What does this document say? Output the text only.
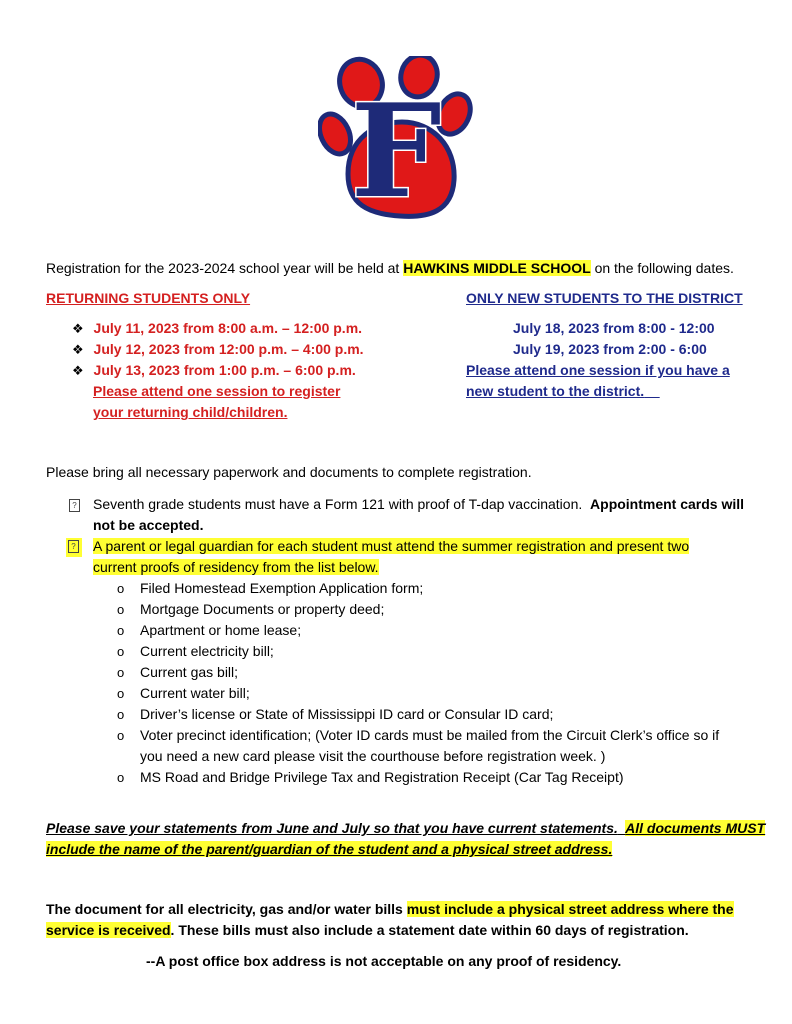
F
Registration for the 2023-2024 school year will be held at HAWKINS MIDDLE SCHOOL on the following dates.
RETURNING STUDENTS ONLY
❖ July 11, 2023 from 8:00 a.m. – 12:00 p.m.
❖ July 12, 2023 from 12:00 p.m. – 4:00 p.m.
❖ July 13, 2023 from 1:00 p.m. – 6:00 p.m.
Please attend one session to register
your returning child/children.
ONLY NEW STUDENTS TO THE DISTRICT
July 18, 2023 from 8:00 - 12:00
July 19, 2023 from 2:00 - 6:00
Please attend one session if you have a
new student to the district.
Please bring all necessary paperwork and documents to complete registration.
? Seventh grade students must have a Form 121 with proof of T-dap vaccination. Appointment cards will
not be accepted.
?	A parent or legal guardian for each student must attend the summer registration and present two
current proofs of residency from the list below.
o Filed Homestead Exemption Application form;
o Mortgage Documents or property deed;
o Apartment or home lease;
o Current electricity bill;
o Current gas bill;
o Current water bill;
o Driver’s license or State of Mississippi ID card or Consular ID card;
o Voter precinct identification; (Voter ID cards must be mailed from the Circuit Clerk’s office so if
you need a new card please visit the courthouse before registration week. )
o MS Road and Bridge Privilege Tax and Registration Receipt (Car Tag Receipt)
Please save your statements from June and July so that you have current statements. All documents MUST
include the name of the parent/guardian of the student and a physical street address.
The document for all electricity, gas and/or water bills must include a physical street address where the
service is received. These bills must also include a statement date within 60 days of registration.
--A post office box address is not acceptable on any proof of residency.
